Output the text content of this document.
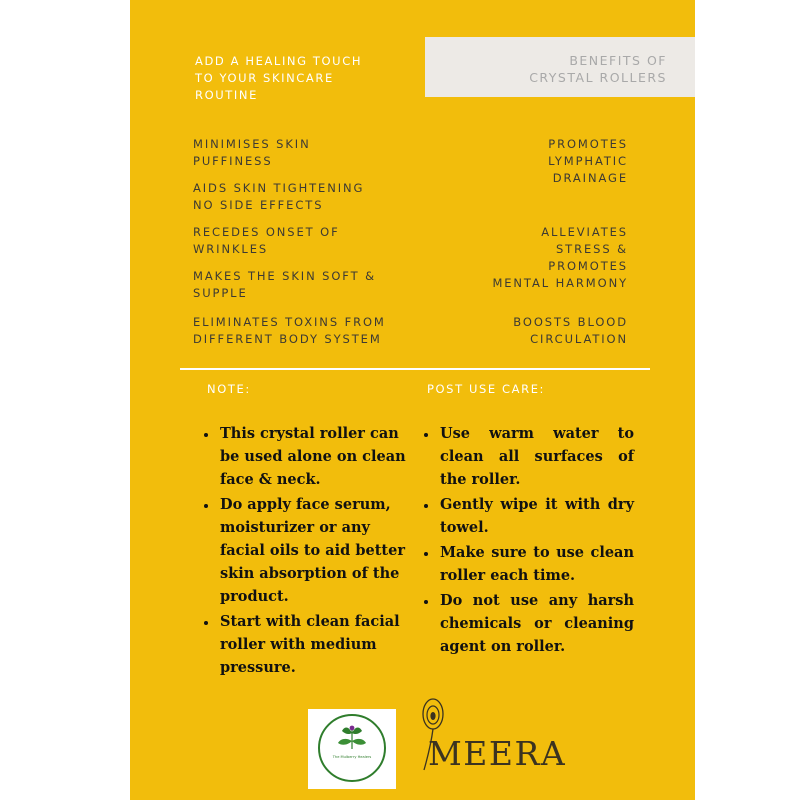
ADD A HEALING TOUCH
TO YOUR SKINCARE
ROUTINE

BENEFITS OF
CRYSTAL ROLLERS

MINIMISES SKIN
PUFFINESS

AIDS SKIN TIGHTENING
NO SIDE EFFECTS

RECEDES ONSET OF
WRINKLES

MAKES THE SKIN SOFT &
SUPPLE

ELIMINATES TOXINS FROM
DIFFERENT BODY SYSTEM

PROMOTES
LYMPHATIC
DRAINAGE

ALLEVIATES
STRESS &
PROMOTES
MENTAL HARMONY

BOOSTS BLOOD
CIRCULATION

NOTE:	POST USE CARE:

• This crystal roller can be used alone on clean face & neck.
• Do apply face serum, moisturizer or any facial oils to aid better skin absorption of the product.
• Start with clean facial roller with medium pressure.
• Use warm water to clean all surfaces of the roller.
• Gently wipe it with dry towel.
• Make sure to use clean roller each time.
• Do not use any harsh chemicals or cleaning agent on roller.
The Mulberry Healers	MEERA
